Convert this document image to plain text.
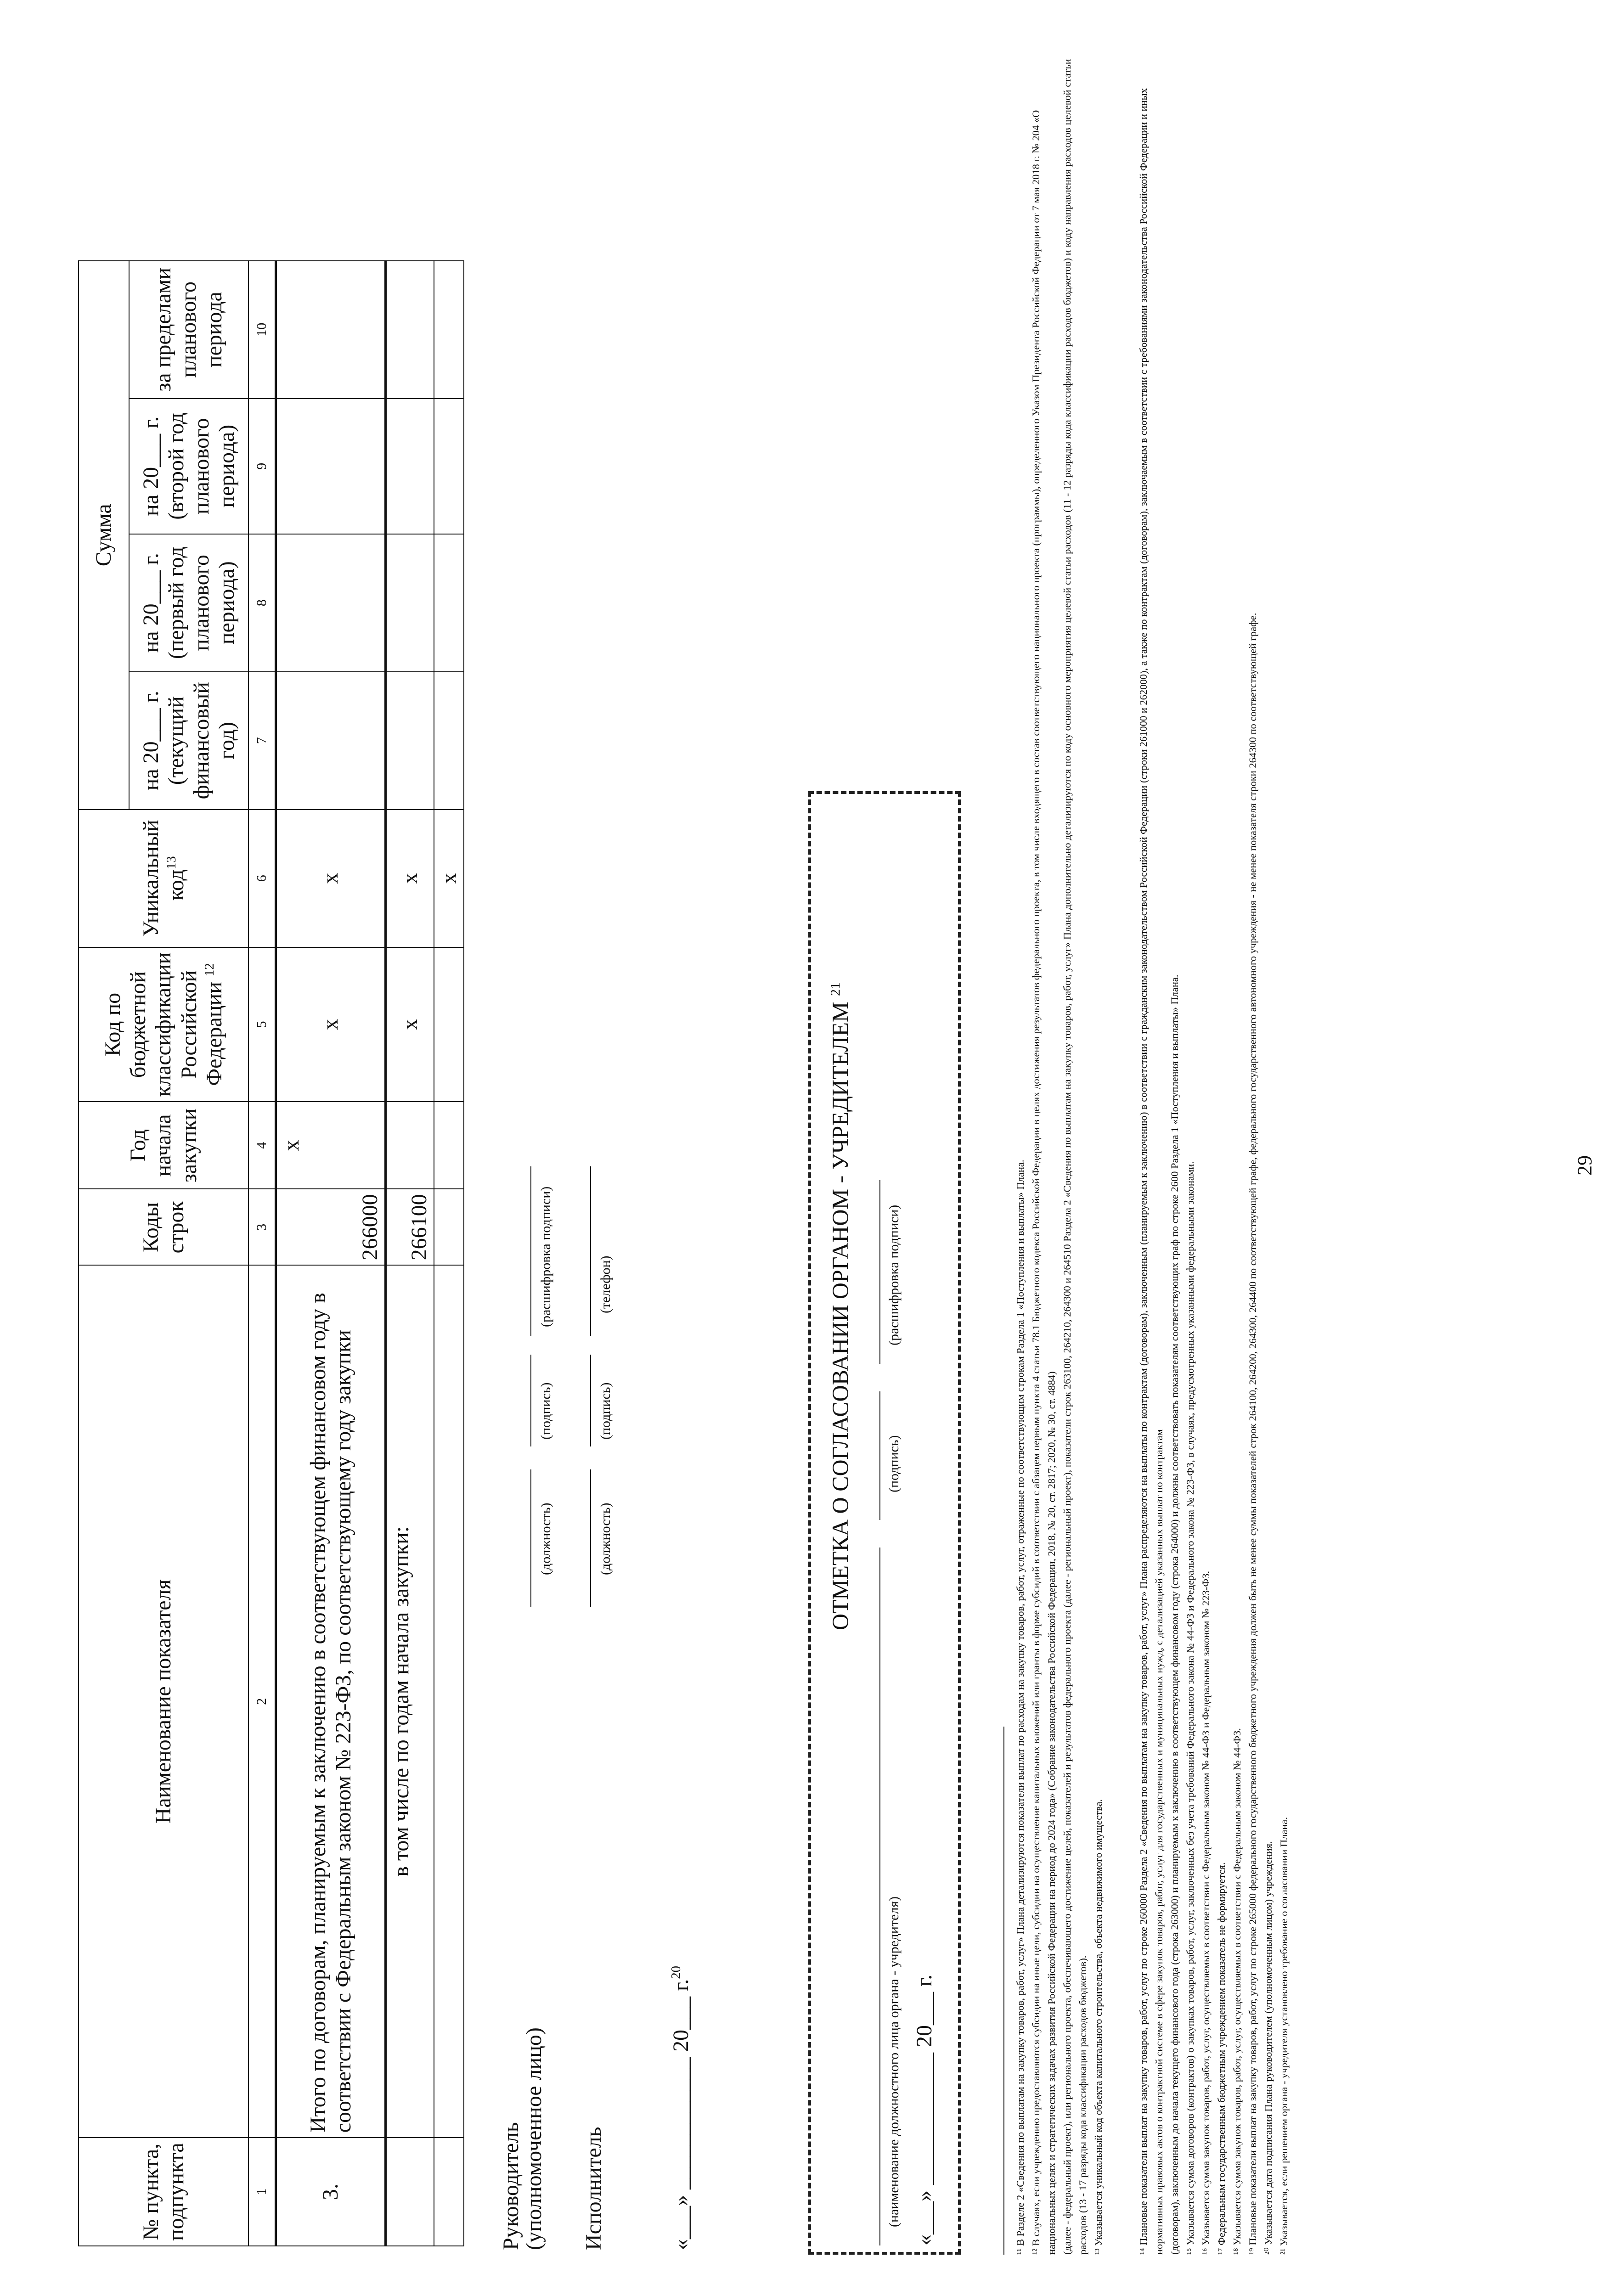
29
№ пункта, подпункта	Наименование показателя	Коды строк	Год начала закупки	Код по бюджетной классификации Российской Федерации $^{12}$	Уникальный код$^{13}$	Сумма			
						на 20___ г. (текущий финансовый год)	на 20___ г. (первый год планового периода)	на 20___ г. (второй год планового периода)	за пределами планового периода
1	2	3	4	5	6	7	8	9	10
3.	Итого по договорам, планируемым к заключению в соответствующем финансовом году в соответствии с Федеральным законом № 223-ФЗ, по соответствующему году закупки	266000	х	х	х				
	в том числе по годам начала закупки:	266100		х	х				
					х				
Руководитель
(уполномоченное лицо)
(должность)
(подпись)
(расшифровка подписи)
Исполнитель
(должность)
(подпись)
(телефон)
«___» ____________ 20___ г.$^{20}$
ОТМЕТКА О СОГЛАСОВАНИИ ОРГАНОМ - УЧРЕДИТЕЛЕМ $^{21}$
(наименование должностного лица органа - учредителя)
(подпись)
(расшифровка подписи)
«___» ____________ 20___ г.	¹¹ В Разделе 2 «Сведения по выплатам на закупку товаров, работ, услуг» Плана детализируются показатели выплат по расходам на закупку товаров, работ, услуг, отраженные по соответствующим строкам Раздела 1 «Поступления и выплаты» Плана. ¹² В случаях, если учреждению предоставляются субсидии на иные цели, субсидии на осуществление капитальных вложений или гранты в форме субсидий в соответствии с абзацем первым пункта 4 статьи 78.1 Бюджетного кодекса Российской Федерации в целях достижения результатов федерального проекта, в том числе входящего в состав соответствующего национального проекта (программы), определенного Указом Президента Российской Федерации от 7 мая 2018 г. № 204 «О национальных целях и стратегических задачах развития Российской Федерации на период до 2024 года» (Собрание законодательства Российской Федерации, 2018, № 20, ст. 2817; 2020, № 30, ст. 4884) (далее - федеральный проект), или регионального проекта, обеспечивающего достижение целей, показателей и результатов федерального проекта (далее - региональный проект), показатели строк 263100, 264210, 264300 и 264510 Раздела 2 «Сведения по выплатам на закупку товаров, работ, услуг» Плана дополнительно детализируются по коду основного мероприятия целевой статьи расходов (11 - 12 разряды кода классификации расходов бюджетов) и коду направления расходов целевой статьи расходов (13 - 17 разряды кода классификации расходов бюджетов). ¹³ Указывается уникальный код объекта капитального строительства, объекта недвижимого имущества.	¹⁴ Плановые показатели выплат на закупку товаров, работ, услуг по строке 260000 Раздела 2 «Сведения по выплатам на закупку товаров, работ, услуг» Плана распределяются на выплаты по контрактам (договорам), заключенным (планируемым к заключению) в соответствии с гражданским законодательством Российской Федерации (строки 261000 и 262000), а также по контрактам (договорам), заключаемым в соответствии с требованиями законодательства Российской Федерации и иных нормативных правовых актов о контрактной системе в сфере закупок товаров, работ, услуг для государственных и муниципальных нужд, с детализацией указанных выплат по контрактам (договорам), заключенным до начала текущего финансового года (строка 263000) и планируемым к заключению в соответствующем финансовом году (строка 264000) и должны соответствовать показателям соответствующих граф по строке 2600 Раздела 1 «Поступления и выплаты» Плана. ¹⁵ Указывается сумма договоров (контрактов) о закупках товаров, работ, услуг, заключенных без учета требований Федерального закона № 44-ФЗ и Федерального закона № 223-ФЗ, в случаях, предусмотренных указанными федеральными законами. ¹⁶ Указывается сумма закупок товаров, работ, услуг, осуществляемых в соответствии с Федеральным законом № 44-ФЗ и Федеральным законом № 223-ФЗ. ¹⁷ Федеральным государственным бюджетным учреждением показатель не формируется. ¹⁸ Указывается сумма закупок товаров, работ, услуг, осуществляемых в соответствии с Федеральным законом № 44-ФЗ. ¹⁹ Плановые показатели выплат на закупку товаров, работ, услуг по строке 265000 федерального государственного бюджетного учреждения должен быть не менее суммы показателей строк 264100, 264200, 264300, 264400 по соответствующей графе, федерального государственного автономного учреждения - не менее показателя строки 264300 по соответствующей графе. ²⁰ Указывается дата подписания Плана руководителем (уполномоченным лицом) учреждения. ²¹ Указывается, если решением органа - учредителя установлено требование о согласовании Плана.
